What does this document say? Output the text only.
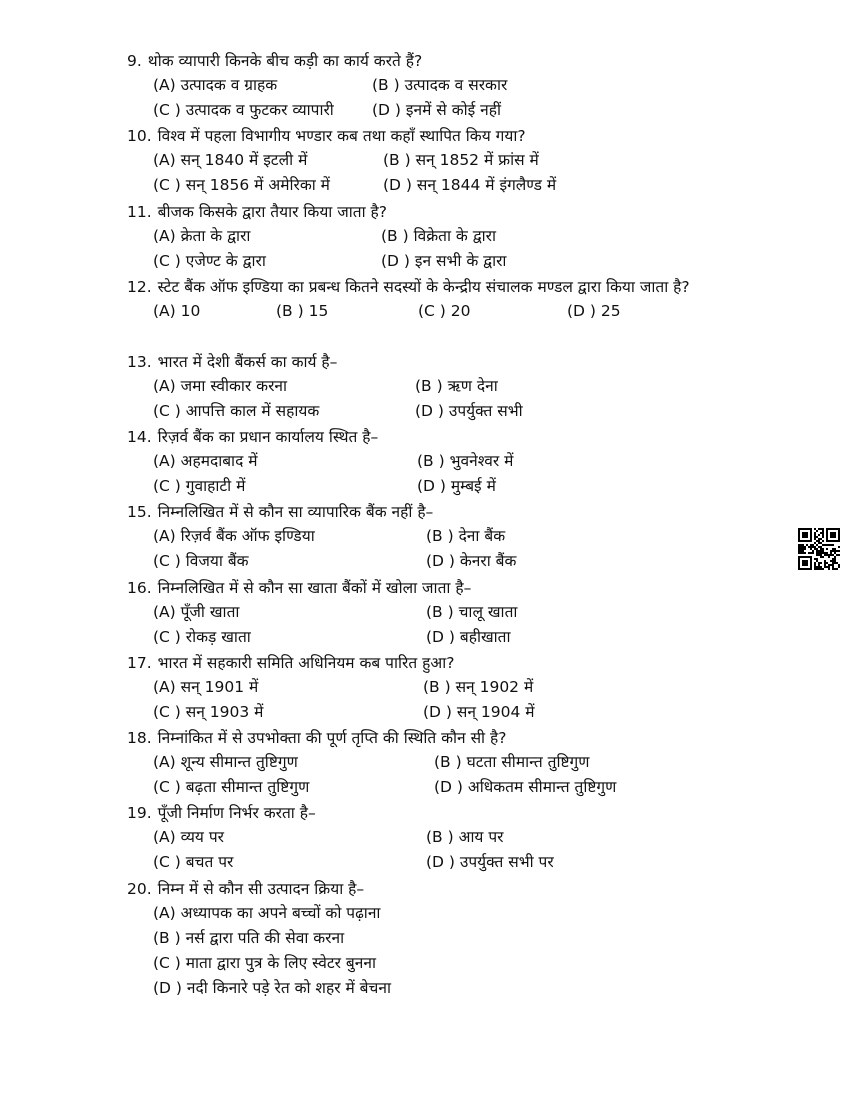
9. थोक व्यापारी किनके बीच कड़ी का कार्य करते हैं?
(A) उत्पादक व ग्राहक	(B ) उत्पादक व सरकार
(C ) उत्पादक व फुटकर व्यापारी (D ) इनमें से कोई नहीं
10. विश्व में पहला विभागीय भण्डार कब तथा कहाँ स्थापित किय गया?
(A) सन् 1840 में इटली में	(B ) सन् 1852 में फ्रांस में
(C ) सन् 1856 में अमेरिका में	(D ) सन् 1844 में इंगलैण्ड में
11. बीजक किसके द्वारा तैयार किया जाता है?
(A) क्रेता के द्वारा	(B ) विक्रेता के द्वारा
(C ) एजेण्ट के द्वारा	(D ) इन सभी के द्वारा
12. स्टेट बैंक ऑफ इण्डिया का प्रबन्ध कितने सदस्यों के केन्द्रीय संचालक मण्डल द्वारा किया जाता है?
(A) 10	(B ) 15	(C ) 20	(D ) 25
13. भारत में देशी बैंकर्स का कार्य है–
(A) जमा स्वीकार करना	(B ) ऋण देना
(C ) आपत्ति काल में सहायक	(D ) उपर्युक्त सभी
14. रिज़र्व बैंक का प्रधान कार्यालय स्थित है–
(A) अहमदाबाद में	(B ) भुवनेश्वर में
(C ) गुवाहाटी में	(D ) मुम्बई में
15. निम्नलिखित में से कौन सा व्यापारिक बैंक नहीं है–
(A) रिज़र्व बैंक ऑफ इण्डिया	(B ) देना बैंक
(C ) विजया बैंक	(D ) केनरा बैंक
16. निम्नलिखित में से कौन सा खाता बैंकों में खोला जाता है–
(A) पूँजी खाता	(B ) चालू खाता
(C ) रोकड़ खाता	(D ) बहीखाता
17. भारत में सहकारी समिति अधिनियम कब पारित हुआ?
(A) सन् 1901 में	(B ) सन् 1902 में
(C ) सन् 1903 में	(D ) सन् 1904 में
18. निम्नांकित में से उपभोक्ता की पूर्ण तृप्ति की स्थिति कौन सी है?
(A) शून्य सीमान्त तुष्टिगुण	(B ) घटता सीमान्त तुष्टिगुण
(C ) बढ़ता सीमान्त तुष्टिगुण	(D ) अधिकतम सीमान्त तुष्टिगुण
19. पूँजी निर्माण निर्भर करता है–
(A) व्यय पर	(B ) आय पर
(C ) बचत पर	(D ) उपर्युक्त सभी पर
20. निम्न में से कौन सी उत्पादन क्रिया है–
(A) अध्यापक का अपने बच्चों को पढ़ाना
(B ) नर्स द्वारा पति की सेवा करना
(C ) माता द्वारा पुत्र के लिए स्वेटर बुनना
(D ) नदी किनारे पड़े रेत को शहर में बेचना
